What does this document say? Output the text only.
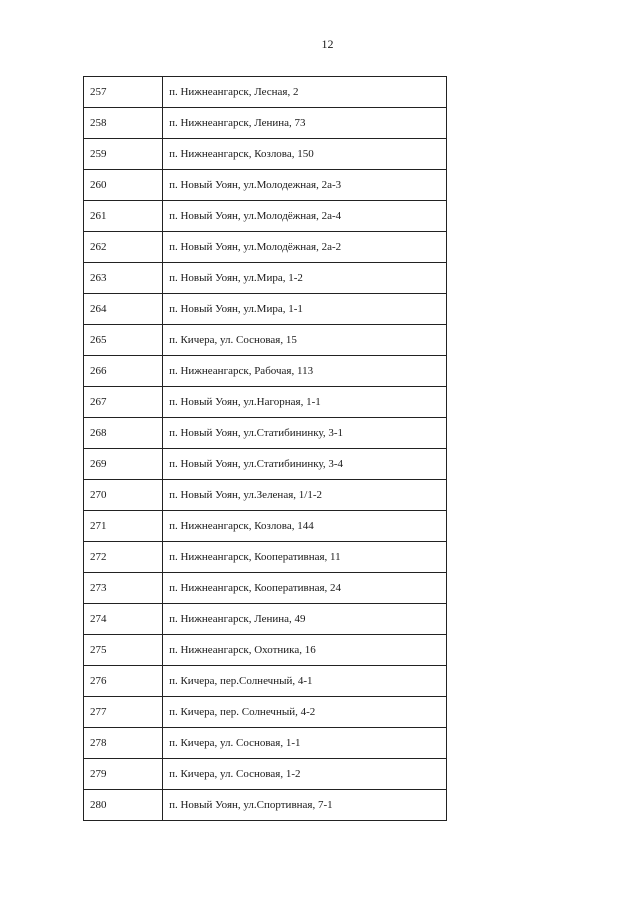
12
257	п. Нижнеангарск, Лесная, 2
258	п. Нижнеангарск, Ленина, 73
259	п. Нижнеангарск, Козлова, 150
260	п. Новый Уоян, ул.Молодежная, 2а-3
261	п. Новый Уоян, ул.Молодёжная, 2а-4
262	п. Новый Уоян, ул.Молодёжная, 2а-2
263	п. Новый Уоян, ул.Мира, 1-2
264	п. Новый Уоян, ул.Мира, 1-1
265	п. Кичера, ул. Сосновая, 15
266	п. Нижнеангарск, Рабочая, 113
267	п. Новый Уоян, ул.Нагорная, 1-1
268	п. Новый Уоян, ул.Статибининку, 3-1
269	п. Новый Уоян, ул.Статибининку, 3-4
270	п. Новый Уоян, ул.Зеленая, 1/1-2
271	п. Нижнеангарск, Козлова, 144
272	п. Нижнеангарск, Кооперативная, 11
273	п. Нижнеангарск, Кооперативная, 24
274	п. Нижнеангарск, Ленина, 49
275	п. Нижнеангарск, Охотника, 16
276	п. Кичера, пер.Солнечный, 4-1
277	п. Кичера, пер. Солнечный, 4-2
278	п. Кичера, ул. Сосновая, 1-1
279	п. Кичера, ул. Сосновая, 1-2
280	п. Новый Уоян, ул.Спортивная, 7-1
